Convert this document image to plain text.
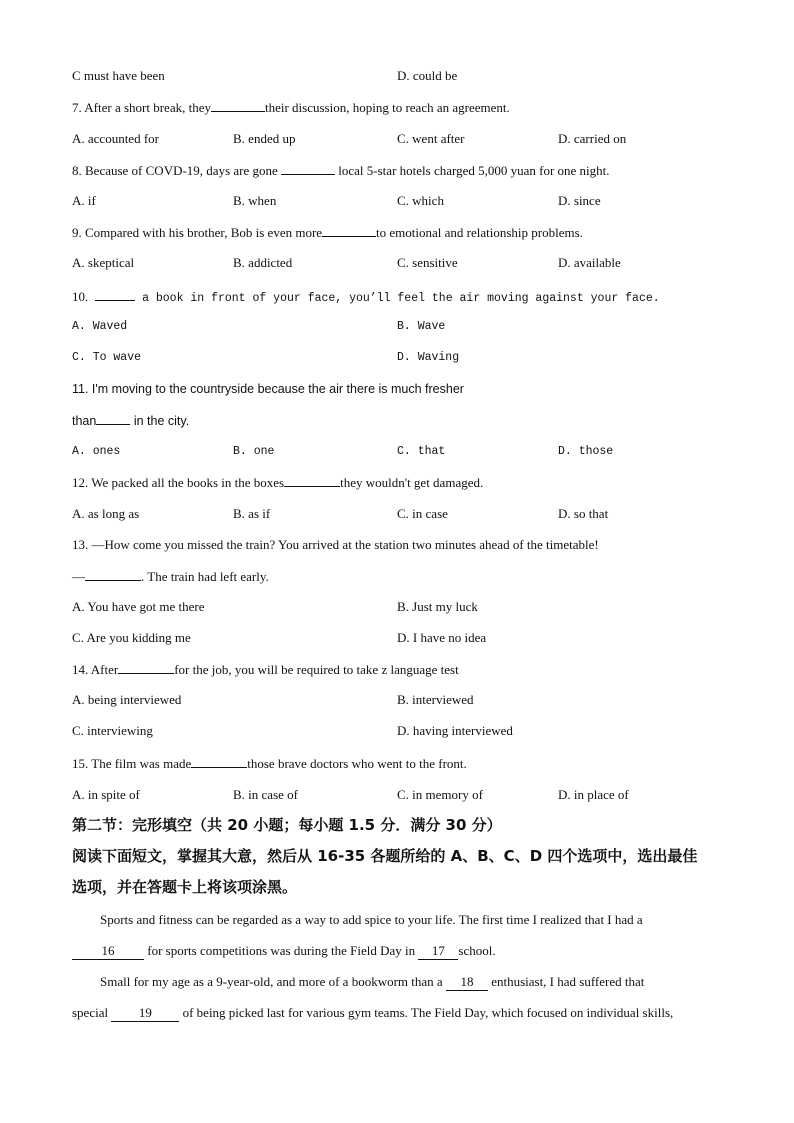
C must have been	D. could be
7. After a short break, they	their discussion, hoping to reach an agreement.
A. accounted for	B. ended up	C. went after	D. carried on
8. Because of COVD-19, days are gone	local 5-star hotels charged 5,000 yuan for one night.
A. if	B. when	C. which	D. since
9. Compared with his brother, Bob is even more	to emotional and relationship problems.
A. skeptical	B. addicted	C. sensitive	D. available
10.	a book in front of your face, you’ll feel the air moving against your face.
A. Waved	B. Wave
C. To wave	D. Waving
11. I'm moving to the countryside because the air there is much fresher
than	in the city.
A. ones	B. one	C. that	D. those
12. We packed all the books in the boxes	they wouldn't get damaged.
A. as long as	B. as if	C. in case	D. so that
13. —How come you missed the train? You arrived at the station two minutes ahead of the timetable!
—	. The train had left early.
A. You have got me there	B. Just my luck
C. Are you kidding me	D. I have no idea
14. After	for the job, you will be required to take z language test
A. being interviewed	B. interviewed
C. interviewing	D. having interviewed
15. The film was made	those brave doctors who went to the front.
A. in spite of	B. in case of	C. in memory of	D. in place of
第二节：完形填空（共 20 小题；每小题 1.5 分．满分 30 分）
阅读下面短文，掌握其大意，然后从 16-35 各题所给的 A、B、C、D 四个选项中，选出最佳
选项，并在答题卡上将该项涂黑。
Sports and fitness can be regarded as a way to add spice to your life. The first time I realized that I had a
16	for sports competitions was during the Field Day in 17 school.
Small for my age as a 9-year-old, and more of a bookworm than a 18 enthusiast, I had suffered that
special 19 of being picked last for various gym teams. The Field Day, which focused on individual skills,
